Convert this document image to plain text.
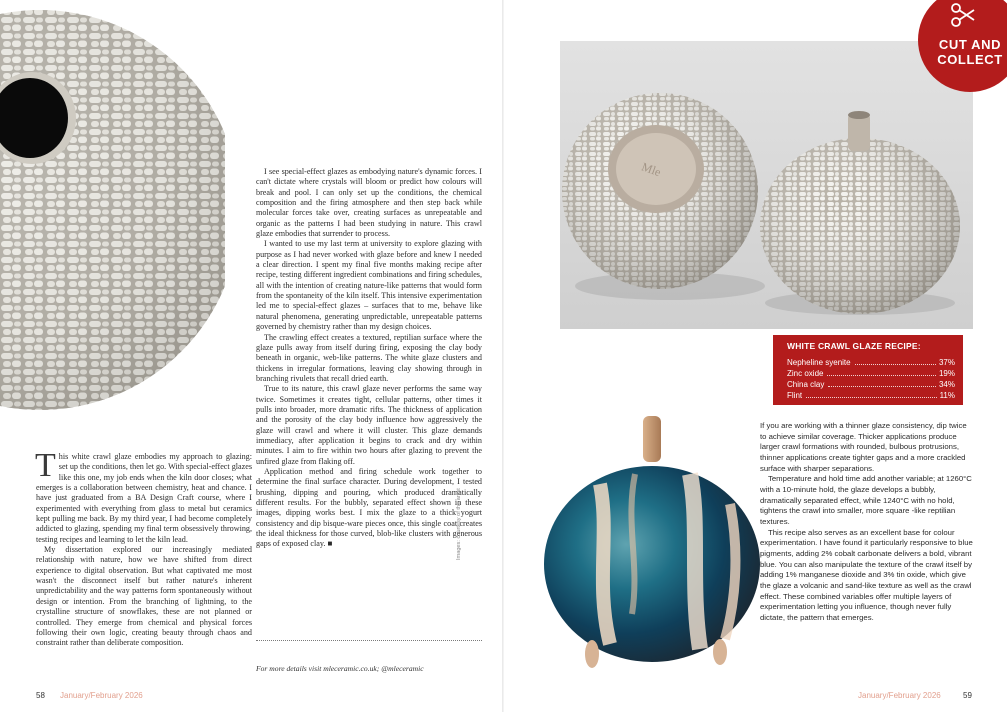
T his white crawl glaze embodies my approach to glazing: set up the conditions, then let go. With special-effect glazes like this one, my job ends when the kiln door closes; what emerges is a collaboration between chemistry, heat and chance. I have just graduated from a BA Design Craft course, where I experimented with everything from glass to metal but ceramics kept pulling me back. By my third year, I had become completely addicted to glazing, spending my final term obsessively throwing, testing recipes and learning to let the kiln lead.

My dissertation explored our increasingly mediated relationship with nature, how we have shifted from direct experience to digital observation. But what captivated me most wasn't the disconnect itself but rather nature's inherent unpredictability and the way patterns form spontaneously without design or intention. From the branching of lightning, to the crystalline structure of snowflakes, these are not planned or controlled. They emerge from chemical and physical forces following their own logic, creating beauty through chaos and constraint rather than deliberate composition.

I see special-effect glazes as embodying nature's dynamic forces. I can't dictate where crystals will bloom or predict how colours will break and pool. I can only set up the conditions, the chemical composition and the firing atmosphere and then step back while molecular forces take over, creating surfaces as unrepeatable and organic as the patterns I had been studying in nature. This crawl glaze embodies that surrender to process.

I wanted to use my last term at university to explore glazing with purpose as I had never worked with glaze before and knew I needed a clear direction. I spent my final five months making recipe after recipe, testing different ingredient combinations and firing schedules, all with the intention of creating nature-like patterns that would form from the spontaneity of the kiln itself. This intensive experimentation led me to special-effect glazes – surfaces that to me, behave like natural phenomena, generating unpredictable, unrepeatable patterns governed by chemistry rather than my design choices.

The crawling effect creates a textured, reptilian surface where the glaze pulls away from itself during firing, exposing the clay body beneath in organic, web-like patterns. The white glaze clusters and thickens in irregular formations, leaving clay showing through in branching rivulets that recall dried earth.

True to its nature, this crawl glaze never performs the same way twice. Sometimes it creates tight, cellular patterns, other times it pulls into broader, more dramatic rifts. The thickness of application and the porosity of the clay body influence how aggressively the glaze will crawl and where it will cluster. This glaze demands immediacy, after application it begins to crack and dry within minutes. I aim to fire within two hours after glazing to prevent the unfired glaze from flaking off.

Application method and firing schedule work together to determine the final surface character. During development, I tested brushing, dipping and pouring, which produced dramatically different results. For the bubbly, separated effect shown in these images, dipping works best. I mix the glaze to a thick yogurt consistency and dip bisque-ware pieces once, this single coat creates the ideal thickness for those curved, blob-like clusters with generous gaps of exposed clay. ■

For more details visit mleceramic.co.uk; @mleceramic
Images: courtesy of the artist
58 January/February 2026
Mle
CUT AND
COLLECT
WHITE CRAWL GLAZE RECIPE:
Nepheline syenite	37%
Zinc oxide	19%
China clay	34%
Flint	11%

If you are working with a thinner glaze consistency, dip twice to achieve similar coverage. Thicker applications produce larger crawl formations with rounded, bulbous protrusions, thinner applications create tighter gaps and a more crackled surface with sharper separations.

Temperature and hold time add another variable; at 1260°C with a 10-minute hold, the glaze develops a bubbly, dramatically separated effect, while 1240°C with no hold, tightens the crawl into smaller, more square -like reptilian textures.

This recipe also serves as an excellent base for colour experimentation. I have found it particularly responsive to blue pigments, adding 2% cobalt carbonate delivers a bold, vibrant blue. You can also manipulate the texture of the crawl itself by adding 1% manganese dioxide and 3% tin oxide, which give the glaze a volcanic and sand-like texture as well as the crawl effect. These combined variables offer multiple layers of experimentation letting you influence, though never fully dictate, the pattern that emerges.

January/February 2026	59
